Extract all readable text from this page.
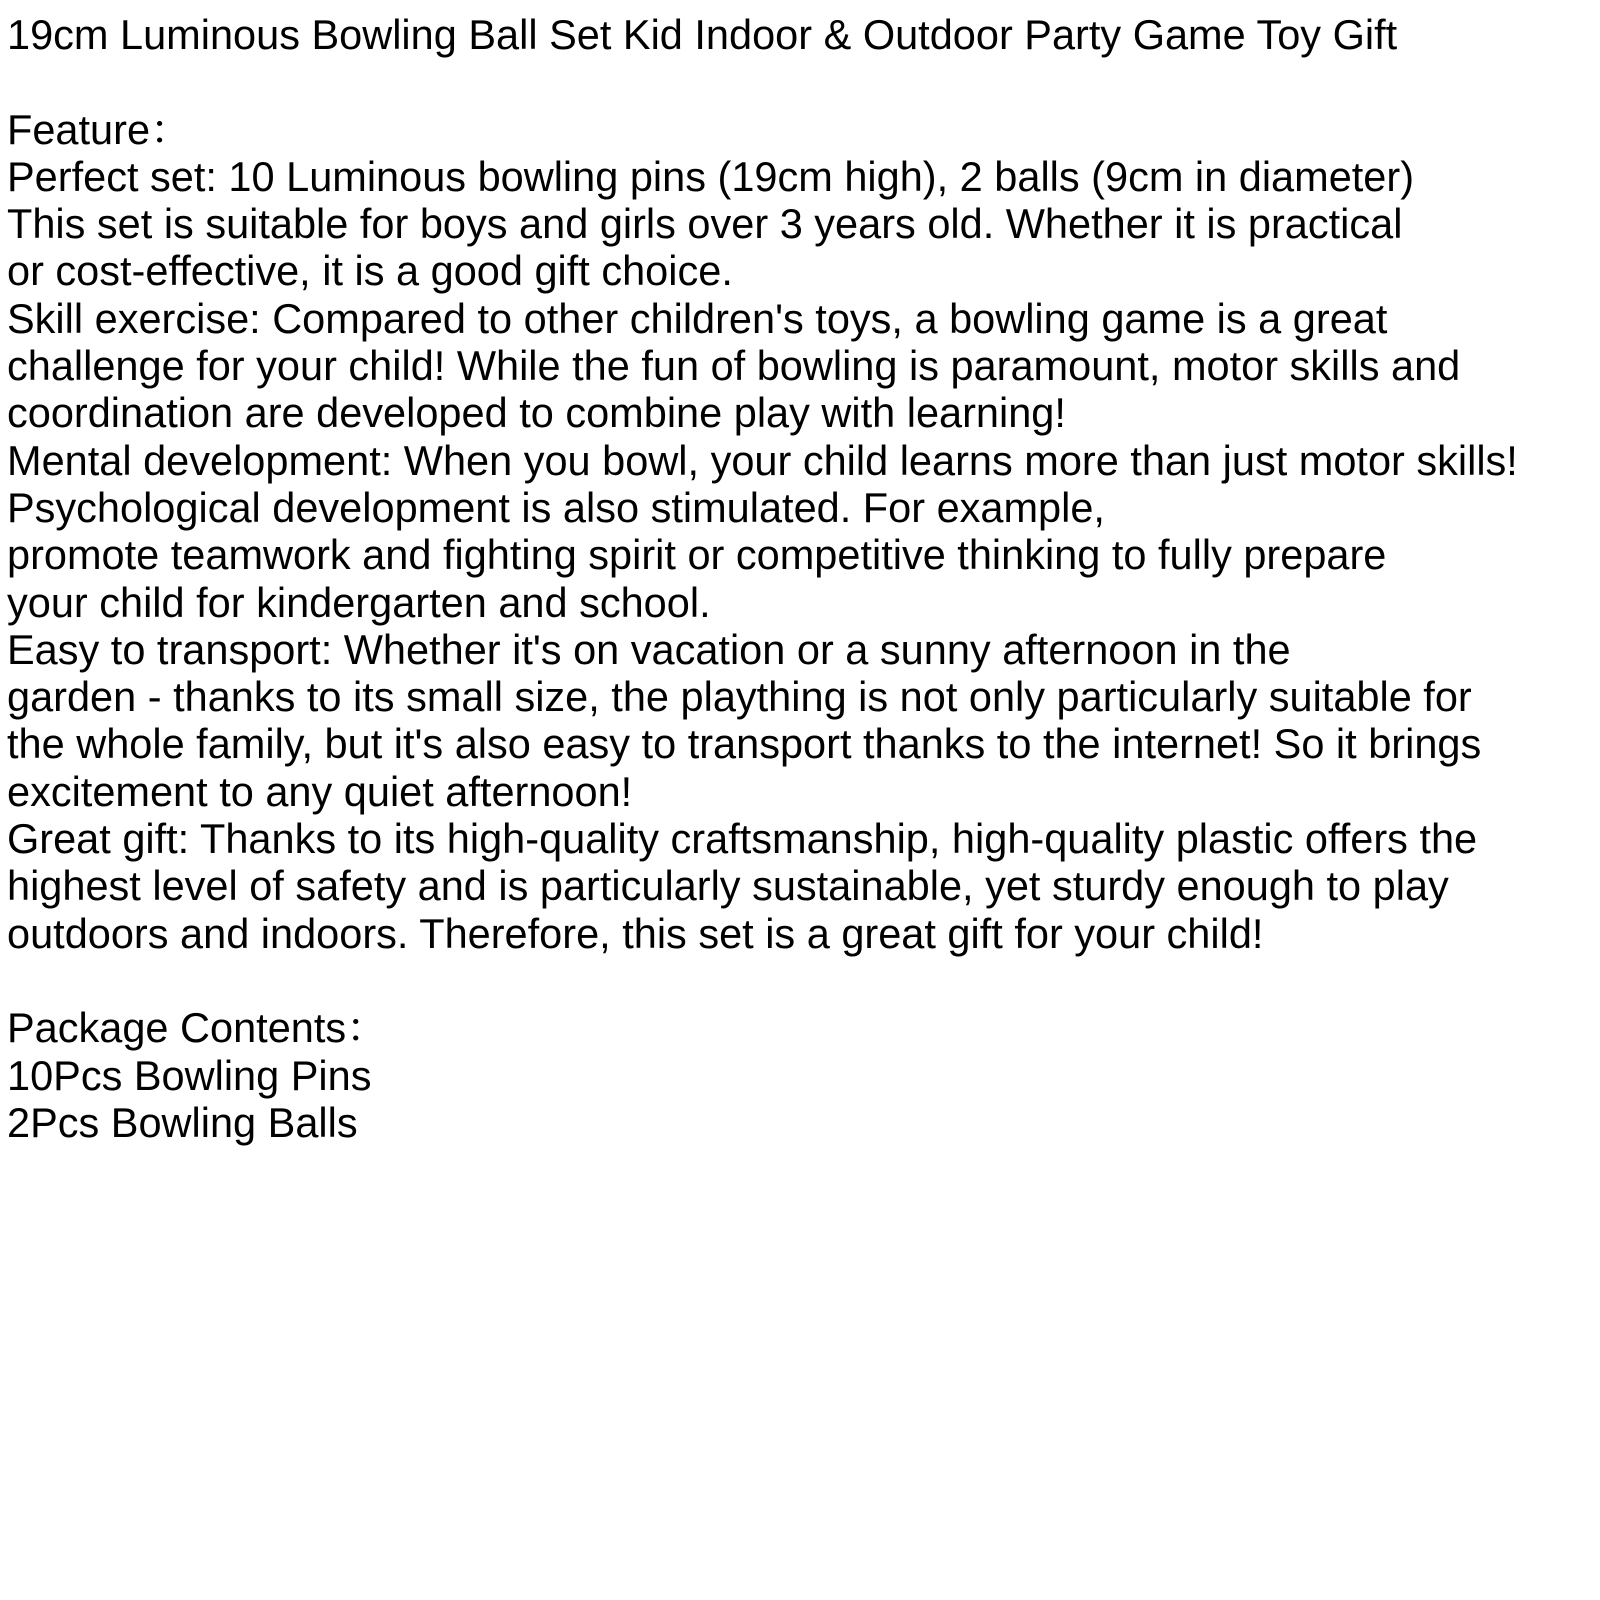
19cm Luminous Bowling Ball Set Kid Indoor & Outdoor Party Game Toy Gift
Feature：
Perfect set: 10 Luminous bowling pins (19cm high), 2 balls (9cm in diameter)
This set is suitable for boys and girls over 3 years old. Whether it is practical
or cost-effective, it is a good gift choice.
Skill exercise: Compared to other children's toys, a bowling game is a great
challenge for your child! While the fun of bowling is paramount, motor skills and
coordination are developed to combine play with learning!
Mental development: When you bowl, your child learns more than just motor skills!
Psychological development is also stimulated. For example,
promote teamwork and fighting spirit or competitive thinking to fully prepare
your child for kindergarten and school.
Easy to transport: Whether it's on vacation or a sunny afternoon in the
garden - thanks to its small size, the plaything is not only particularly suitable for
the whole family, but it's also easy to transport thanks to the internet! So it brings
excitement to any quiet afternoon!
Great gift: Thanks to its high-quality craftsmanship, high-quality plastic offers the
highest level of safety and is particularly sustainable, yet sturdy enough to play
outdoors and indoors. Therefore, this set is a great gift for your child!
Package Contents：
10Pcs Bowling Pins
2Pcs Bowling Balls
